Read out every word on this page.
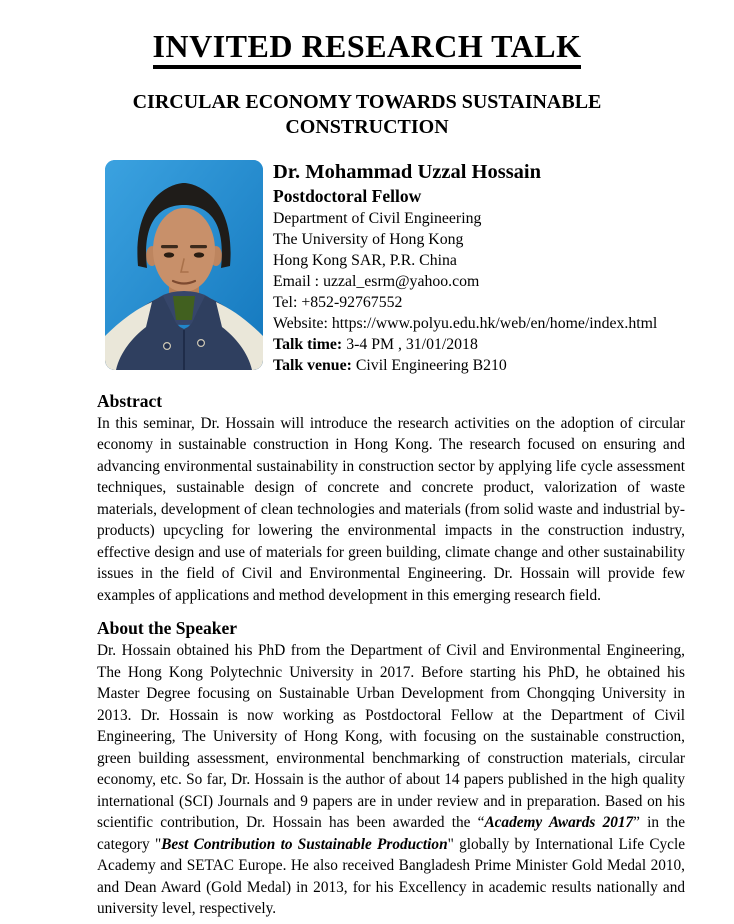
INVITED RESEARCH TALK
CIRCULAR ECONOMY TOWARDS SUSTAINABLE CONSTRUCTION
Dr. Mohammad Uzzal Hossain
Postdoctoral Fellow
Department of Civil Engineering
The University of Hong Kong
Hong Kong SAR, P.R. China
Email : uzzal_esrm@yahoo.com
Tel: +852-92767552
Website: https://www.polyu.edu.hk/web/en/home/index.html
Talk time: 3-4 PM , 31/01/2018
Talk venue: Civil Engineering B210
Abstract
In this seminar, Dr. Hossain will introduce the research activities on the adoption of circular economy in sustainable construction in Hong Kong. The research focused on ensuring and advancing environmental sustainability in construction sector by applying life cycle assessment techniques, sustainable design of concrete and concrete product, valorization of waste materials, development of clean technologies and materials (from solid waste and industrial by-products) upcycling for lowering the environmental impacts in the construction industry, effective design and use of materials for green building, climate change and other sustainability issues in the field of Civil and Environmental Engineering. Dr. Hossain will provide few examples of applications and method development in this emerging research field.
About the Speaker
Dr. Hossain obtained his PhD from the Department of Civil and Environmental Engineering, The Hong Kong Polytechnic University in 2017. Before starting his PhD, he obtained his Master Degree focusing on Sustainable Urban Development from Chongqing University in 2013. Dr. Hossain is now working as Postdoctoral Fellow at the Department of Civil Engineering, The University of Hong Kong, with focusing on the sustainable construction, green building assessment, environmental benchmarking of construction materials, circular economy, etc. So far, Dr. Hossain is the author of about 14 papers published in the high quality international (SCI) Journals and 9 papers are in under review and in preparation. Based on his scientific contribution, Dr. Hossain has been awarded the “Academy Awards 2017” in the category "Best Contribution to Sustainable Production" globally by International Life Cycle Academy and SETAC Europe. He also received Bangladesh Prime Minister Gold Medal 2010, and Dean Award (Gold Medal) in 2013, for his Excellency in academic results nationally and university level, respectively.
